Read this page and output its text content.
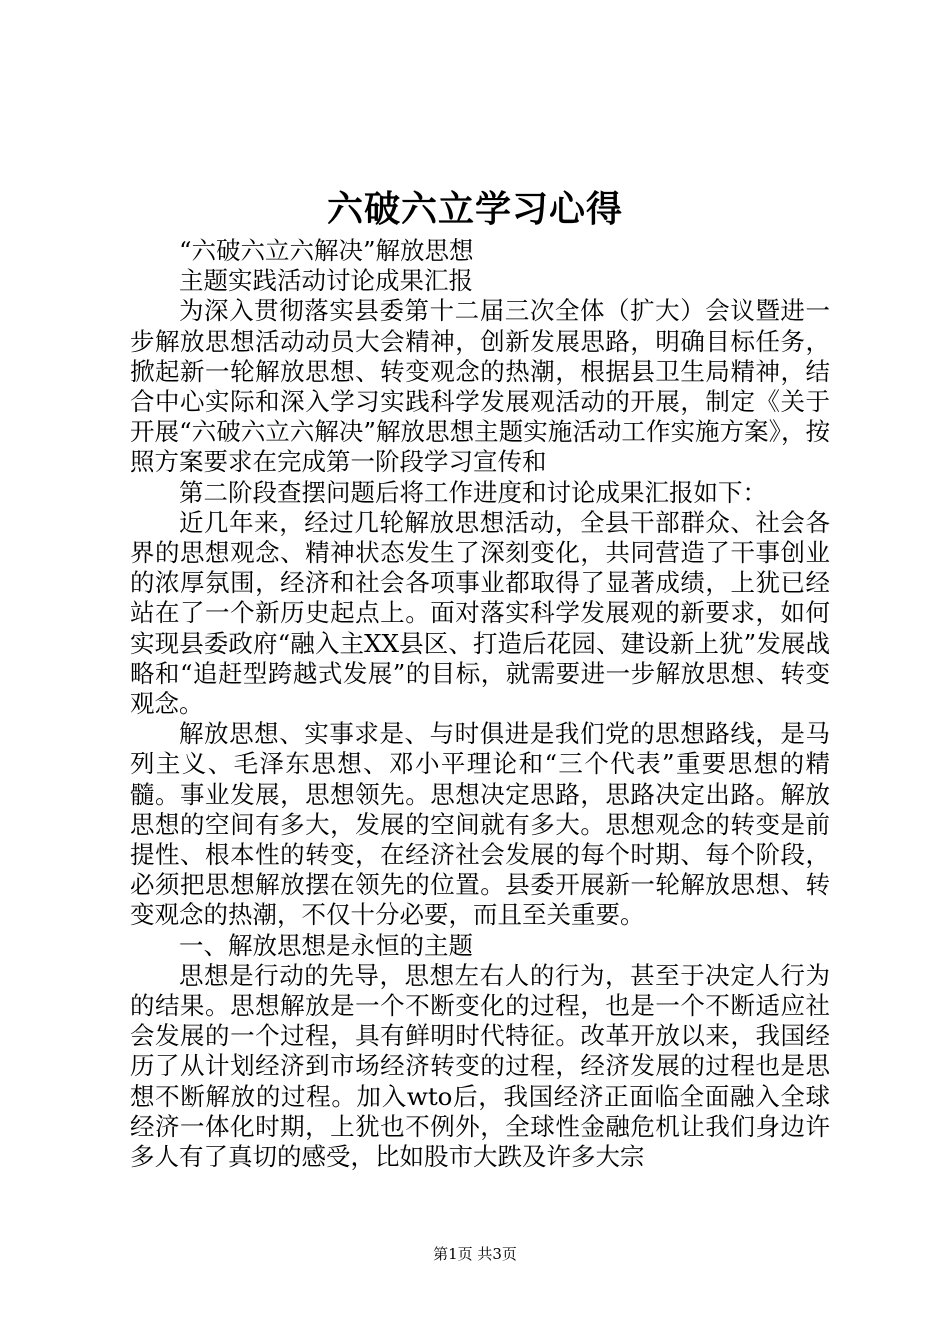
六破六立学习心得

“六破六立六解决”解放思想

主题实践活动讨论成果汇报

为深入贯彻落实县委第十二届三次全体（扩大）会议暨进一步解放思想活动动员大会精神，创新发展思路，明确目标任务，掀起新一轮解放思想、转变观念的热潮，根据县卫生局精神，结合中心实际和深入学习实践科学发展观活动的开展，制定《关于开展“六破六立六解决”解放思想主题实施活动工作实施方案》，按照方案要求在完成第一阶段学习宣传和

第二阶段查摆问题后将工作进度和讨论成果汇报如下：

近几年来，经过几轮解放思想活动，全县干部群众、社会各界的思想观念、精神状态发生了深刻变化，共同营造了干事创业的浓厚氛围，经济和社会各项事业都取得了显著成绩，上犹已经站在了一个新历史起点上。面对落实科学发展观的新要求，如何实现县委政府“融入主XX县区、打造后花园、建设新上犹”发展战略和“追赶型跨越式发展”的目标，就需要进一步解放思想、转变观念。

解放思想、实事求是、与时俱进是我们党的思想路线，是马列主义、毛泽东思想、邓小平理论和“三个代表”重要思想的精髓。事业发展，思想领先。思想决定思路，思路决定出路。解放思想的空间有多大，发展的空间就有多大。思想观念的转变是前提性、根本性的转变，在经济社会发展的每个时期、每个阶段，必须把思想解放摆在领先的位置。县委开展新一轮解放思想、转变观念的热潮，不仅十分必要，而且至关重要。

一、解放思想是永恒的主题

思想是行动的先导，思想左右人的行为，甚至于决定人行为的结果。思想解放是一个不断变化的过程，也是一个不断适应社会发展的一个过程，具有鲜明时代特征。改革开放以来，我国经历了从计划经济到市场经济转变的过程，经济发展的过程也是思想不断解放的过程。加入wto后，我国经济正面临全面融入全球经济一体化时期，上犹也不例外，全球性金融危机让我们身边许多人有了真切的感受，比如股市大跌及许多大宗

第1页 共3页
